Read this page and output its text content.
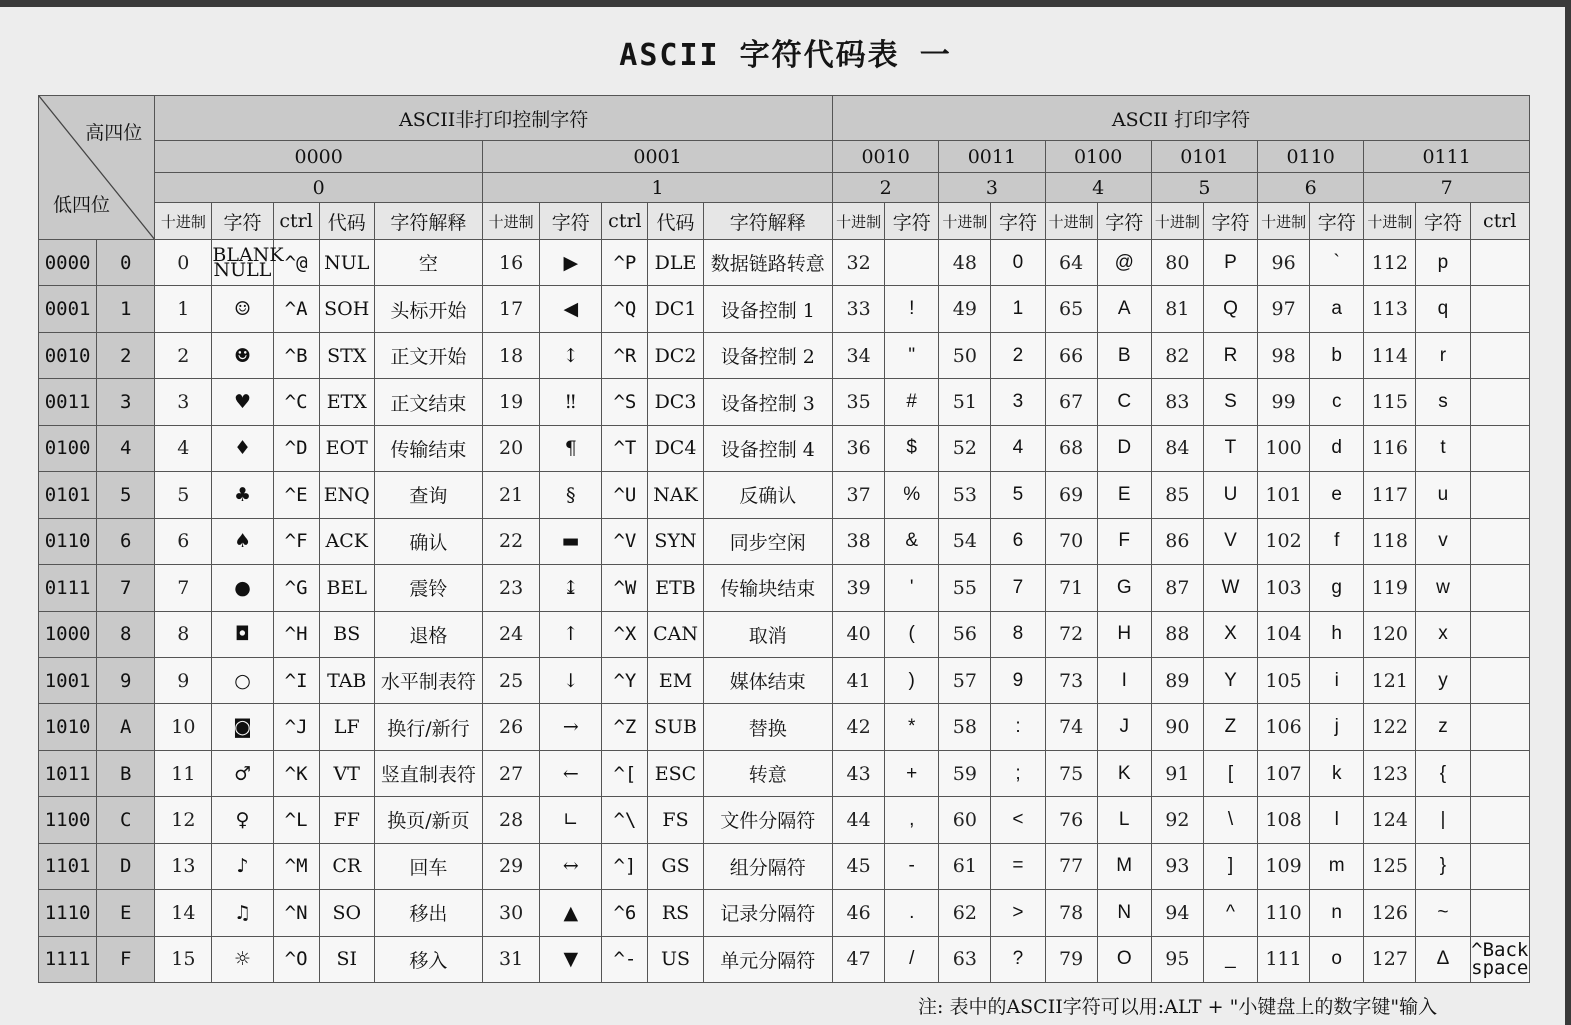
ASCII 字符代码表 一
高四位
低四位		ASCII非打印控制字符										ASCII 打印字符												
		0000					0001					0010		0011		0100		0101		0110		0111		
		0					1					2		3		4		5		6		7		
		十进制	字符	ctrl	代码	字符解释	十进制	字符	ctrl	代码	字符解释	十进制	字符	十进制	字符	十进制	字符	十进制	字符	十进制	字符	十进制	字符	ctrl
0000	0	0	BLANK NULL	^@	NUL	空	16	▶	^P	DLE	数据链路转意	32		48	0	64	@	80	P	96	`	112	p	
0001	1	1	☺	^A	SOH	头标开始	17	◀	^Q	DC1	设备控制 1	33	!	49	1	65	A	81	Q	97	a	113	q	
0010	2	2	☻	^B	STX	正文开始	18	↕	^R	DC2	设备控制 2	34	"	50	2	66	B	82	R	98	b	114	r	
0011	3	3	♥	^C	ETX	正文结束	19	‼	^S	DC3	设备控制 3	35	#	51	3	67	C	83	S	99	c	115	s	
0100	4	4	♦	^D	EOT	传输结束	20	¶	^T	DC4	设备控制 4	36	$	52	4	68	D	84	T	100	d	116	t	
0101	5	5	♣	^E	ENQ	查询	21	§	^U	NAK	反确认	37	%	53	5	69	E	85	U	101	e	117	u	
0110	6	6	♠	^F	ACK	确认	22	▬	^V	SYN	同步空闲	38	&	54	6	70	F	86	V	102	f	118	v	
0111	7	7	●	^G	BEL	震铃	23	↨	^W	ETB	传输块结束	39	'	55	7	71	G	87	W	103	g	119	w	
1000	8	8	◘	^H	BS	退格	24	↑	^X	CAN	取消	40	(	56	8	72	H	88	X	104	h	120	x	
1001	9	9	○	^I	TAB	水平制表符	25	↓	^Y	EM	媒体结束	41	)	57	9	73	I	89	Y	105	i	121	y	
1010	A	10	◙	^J	LF	换行/新行	26	→	^Z	SUB	替换	42	*	58	:	74	J	90	Z	106	j	122	z	
1011	B	11	♂	^K	VT	竖直制表符	27	←	^[	ESC	转意	43	+	59	;	75	K	91	[	107	k	123	{	
1100	C	12	♀	^L	FF	换页/新页	28	∟	^\	FS	文件分隔符	44	,	60	<	76	L	92	\	108	l	124	|	
1101	D	13	♪	^M	CR	回车	29	↔	^]	GS	组分隔符	45	-	61	=	77	M	93	]	109	m	125	}	
1110	E	14	♫	^N	SO	移出	30	▲	^6	RS	记录分隔符	46	.	62	>	78	N	94	^	110	n	126	~	
1111	F	15	☼	^O	SI	移入	31	▼	^-	US	单元分隔符	47	/	63	?	79	O	95	_	111	o	127	Δ	^Back space
注: 表中的ASCII字符可以用:ALT + "小键盘上的数字键"输入
